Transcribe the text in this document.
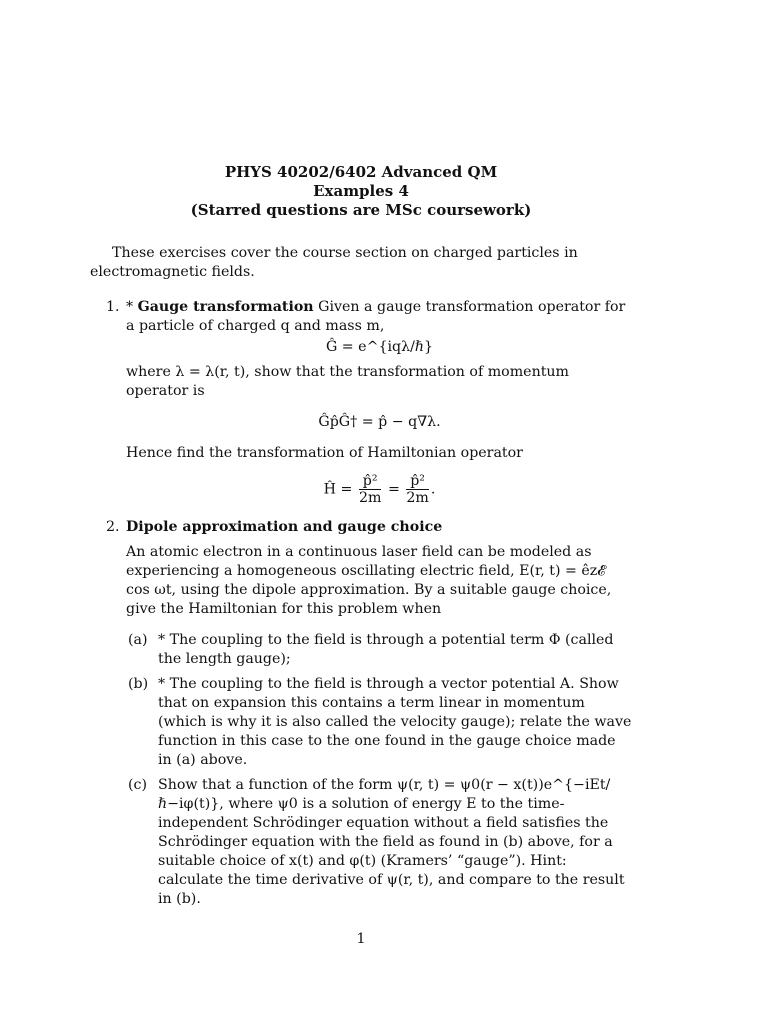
PHYS 40202/6402 Advanced QM
Examples 4
(Starred questions are MSc coursework)
These exercises cover the course section on charged particles in electromagnetic fields.
1. * Gauge transformation Given a gauge transformation operator for a particle of charged q and mass m,
Ĝ = e^{iqλ/ℏ}
where λ = λ(r, t), show that the transformation of momentum operator is
Ĝp̂Ĝ† = p̂ − q∇λ.
Hence find the transformation of Hamiltonian operator
Ĥ = $\frac{\text{p̂²}}{2m} = \frac{\text{p̂²}}{2m}$ .
2. Dipole approximation and gauge choice
An atomic electron in a continuous laser field can be modeled as experiencing a homogeneous oscillating electric field, E(r, t) = êz𝓔 cos ωt, using the dipole approximation. By a suitable gauge choice, give the Hamiltonian for this problem when
(a) * The coupling to the field is through a potential term Φ (called the length gauge);
(b) * The coupling to the field is through a vector potential A. Show that on expansion this contains a term linear in momentum (which is why it is also called the velocity gauge); relate the wave function in this case to the one found in the gauge choice made in (a) above.
(c) Show that a function of the form ψ(r, t) = ψ0(r − x(t))e^{−iEt/ℏ−iφ(t)}, where ψ0 is a solution of energy E to the time-independent Schrödinger equation without a field satisfies the Schrödinger equation with the field as found in (b) above, for a suitable choice of x(t) and φ(t) (Kramers’ “gauge”). Hint: calculate the time derivative of ψ(r, t), and compare to the result in (b).
1
